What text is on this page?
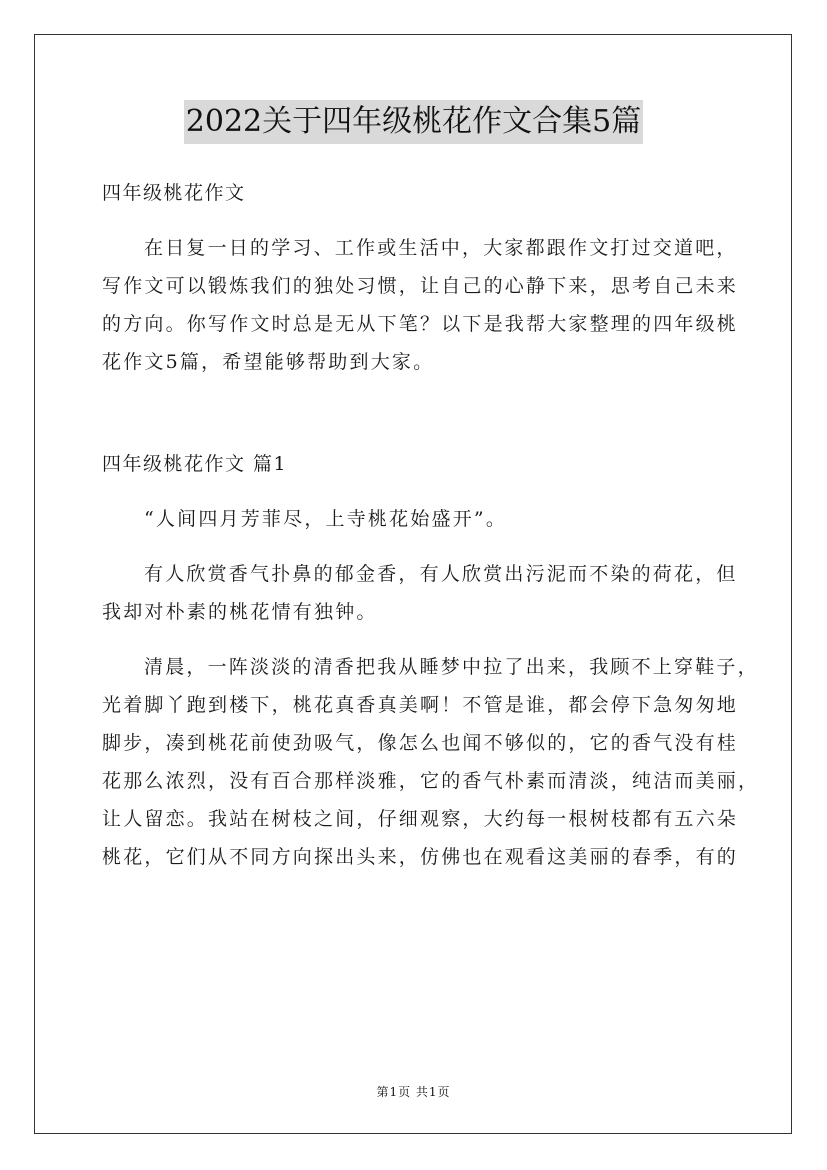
2022关于四年级桃花作文合集5篇
四年级桃花作文
在日复一日的学习、工作或生活中，大家都跟作文打过交道吧，
写作文可以锻炼我们的独处习惯，让自己的心静下来，思考自己未来
的方向。你写作文时总是无从下笔？以下是我帮大家整理的四年级桃
花作文5篇，希望能够帮助到大家。
四年级桃花作文 篇1
“人间四月芳菲尽，上寺桃花始盛开”。
有人欣赏香气扑鼻的郁金香，有人欣赏出污泥而不染的荷花，但
我却对朴素的桃花情有独钟。
清晨，一阵淡淡的清香把我从睡梦中拉了出来，我顾不上穿鞋子，
光着脚丫跑到楼下，桃花真香真美啊！不管是谁，都会停下急匆匆地
脚步，凑到桃花前使劲吸气，像怎么也闻不够似的，它的香气没有桂
花那么浓烈，没有百合那样淡雅，它的香气朴素而清淡，纯洁而美丽，
让人留恋。我站在树枝之间，仔细观察，大约每一根树枝都有五六朵
桃花，它们从不同方向探出头来，仿佛也在观看这美丽的春季，有的
第1页 共1页
